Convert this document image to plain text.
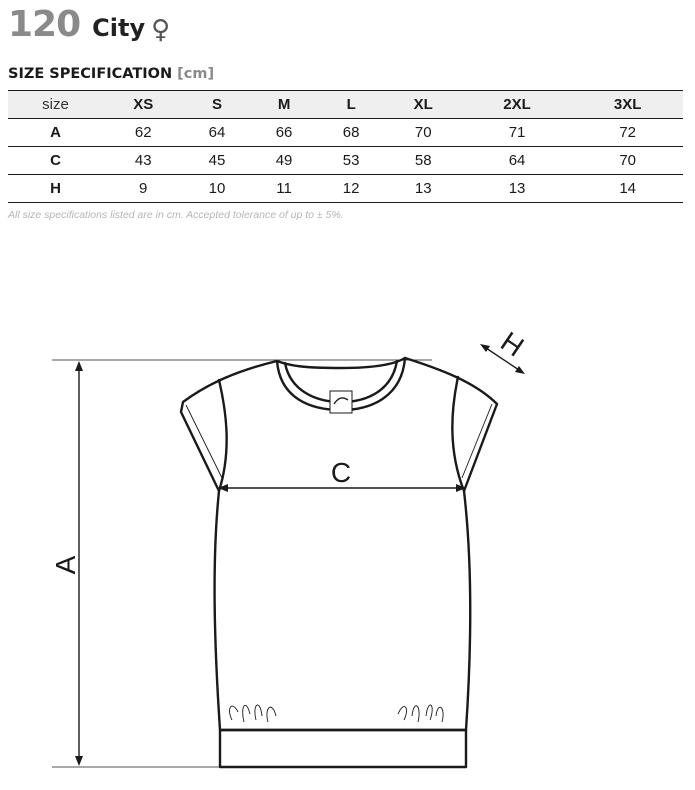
120 City ♀
SIZE SPECIFICATION [cm]
size	XS	S	M	L	XL	2XL	3XL
A	62	64	66	68	70	71	72
C	43	45	49	53	58	64	70
H	9	10	11	12	13	13	14
All size specifications listed are in cm. Accepted tolerance of up to ± 5%.
C
A
H
